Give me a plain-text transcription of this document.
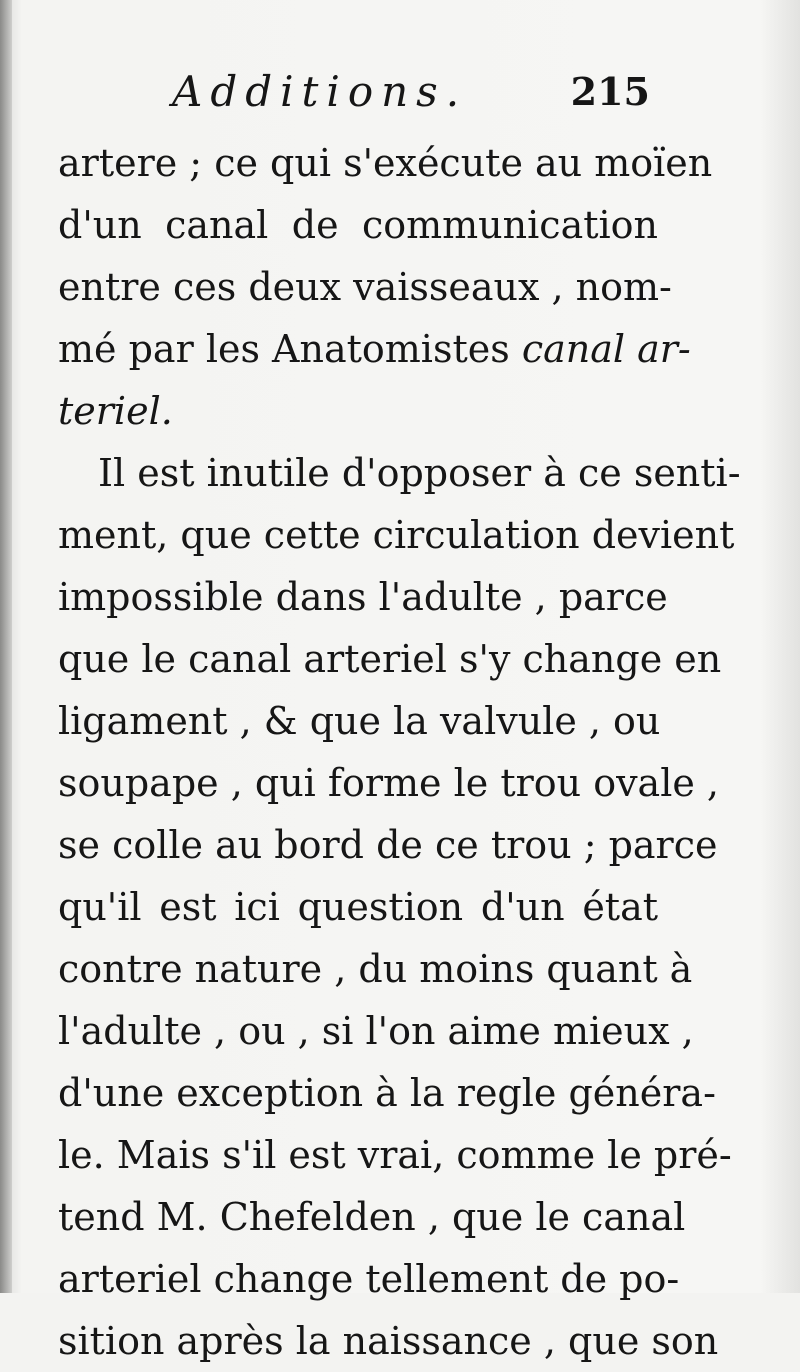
Additions.	215
artere ; ce qui s'exécute au moïen
d'un canal de communication
entre ces deux vaisseaux , nom-
mé par les Anatomistes canal ar-
teriel.
Il est inutile d'opposer à ce senti-
ment, que cette circulation devient
impossible dans l'adulte , parce
que le canal arteriel s'y change en
ligament , & que la valvule , ou
soupape , qui forme le trou ovale ,
se colle au bord de ce trou ; parce
qu'il est ici question d'un état
contre nature , du moins quant à
l'adulte , ou , si l'on aime mieux ,
d'une exception à la regle généra-
le. Mais s'il est vrai, comme le pré-
tend M. Chefelden , que le canal
arteriel change tellement de po-
sition après la naissance , que son
